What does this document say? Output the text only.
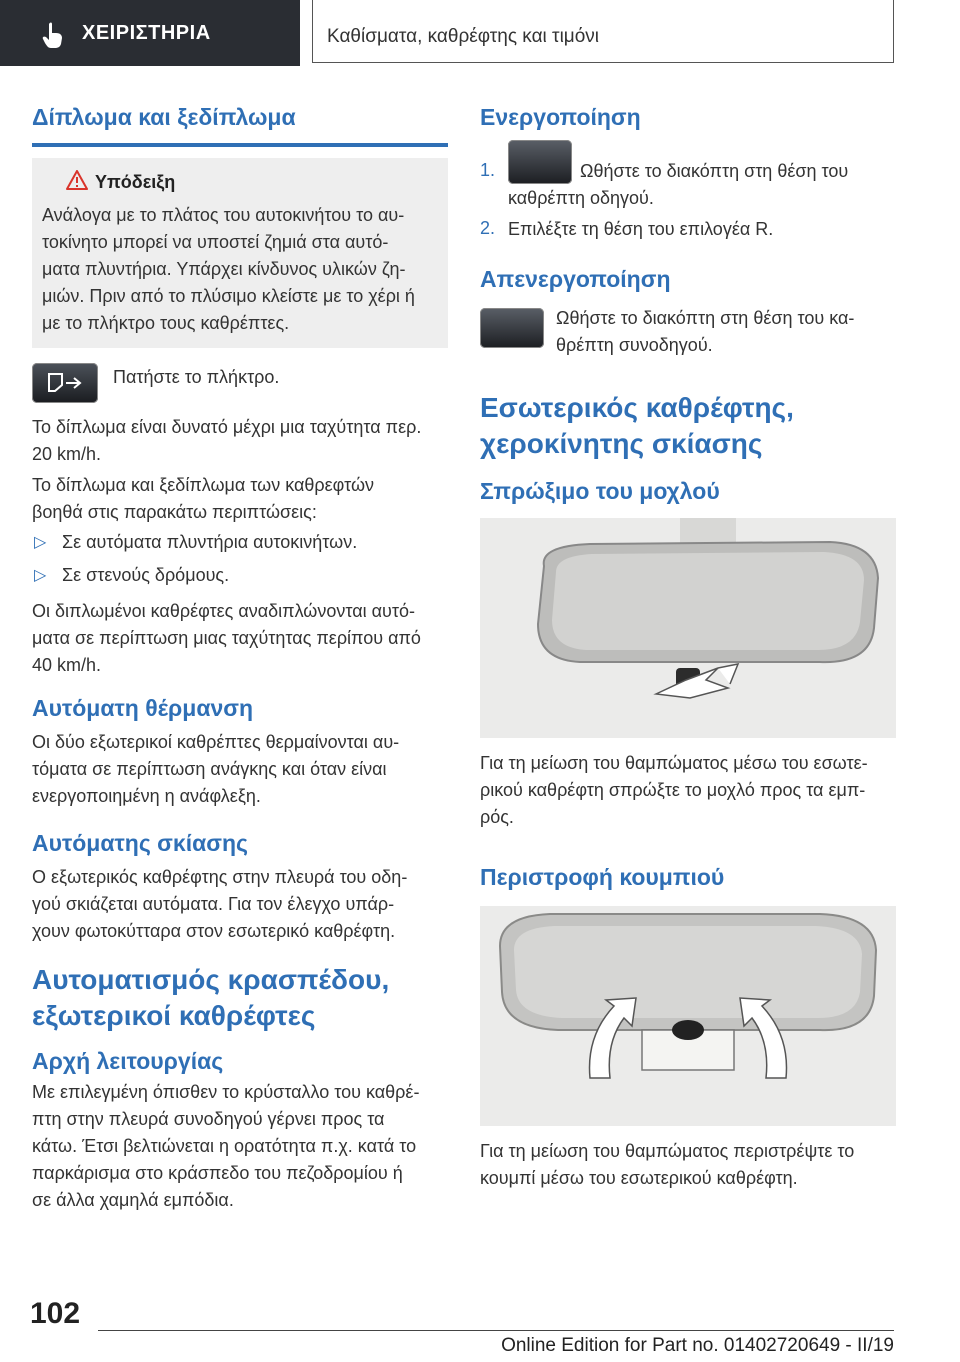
ΧΕΙΡΙΣΤΗΡΙΑ	Καθίσματα, καθρέφτης και τιμόνι
Δίπλωμα και ξεδίπλωμα
Υπόδειξη
Ανάλογα με το πλάτος του αυτοκινήτου το αυ-
τοκίνητο μπορεί να υποστεί ζημιά στα αυτό-
ματα πλυντήρια. Υπάρχει κίνδυνος υλικών ζη-
μιών. Πριν από το πλύσιμο κλείστε με το χέρι ή
με το πλήκτρο τους καθρέπτες.
Πατήστε το πλήκτρο.
Το δίπλωμα είναι δυνατό μέχρι μια ταχύτητα περ.
20 km/h.
Το δίπλωμα και ξεδίπλωμα των καθρεφτών
βοηθά στις παρακάτω περιπτώσεις:
▷ Σε αυτόματα πλυντήρια αυτοκινήτων.
▷ Σε στενούς δρόμους.
Οι διπλωμένοι καθρέφτες αναδιπλώνονται αυτό-
ματα σε περίπτωση μιας ταχύτητας περίπου από
40 km/h.
Αυτόματη θέρμανση
Οι δύο εξωτερικοί καθρέπτες θερμαίνονται αυ-
τόματα σε περίπτωση ανάγκης και όταν είναι
ενεργοποιημένη η ανάφλεξη.
Αυτόματης σκίασης
Ο εξωτερικός καθρέφτης στην πλευρά του οδη-
γού σκιάζεται αυτόματα. Για τον έλεγχο υπάρ-
χουν φωτοκύτταρα στον εσωτερικό καθρέφτη.
Αυτοματισμός κρασπέδου,
εξωτερικοί καθρέφτες
Αρχή λειτουργίας
Με επιλεγμένη όπισθεν το κρύσταλλο του καθρέ-
πτη στην πλευρά συνοδηγού γέρνει προς τα
κάτω. Έτσι βελτιώνεται η ορατότητα π.χ. κατά το
παρκάρισμα στο κράσπεδο του πεζοδρομίου ή
σε άλλα χαμηλά εμπόδια.
Ενεργοποίηση
1.	Ωθήστε το διακόπτη στη θέση του
καθρέπτη οδηγού.
2. Επιλέξτε τη θέση του επιλογέα R.
Απενεργοποίηση
Ωθήστε το διακόπτη στη θέση του κα-
θρέπτη συνοδηγού.
Εσωτερικός καθρέφτης,
χεροκίνητης σκίασης
Σπρώξιμο του μοχλού
Για τη μείωση του θαμπώματος μέσω του εσωτε-
ρικού καθρέφτη σπρώξτε το μοχλό προς τα εμπ-
ρός.
Περιστροφή κουμπιού
Για τη μείωση του θαμπώματος περιστρέψτε το
κουμπί μέσω του εσωτερικού καθρέφτη.
102
Online Edition for Part no. 01402720649 - II/19
